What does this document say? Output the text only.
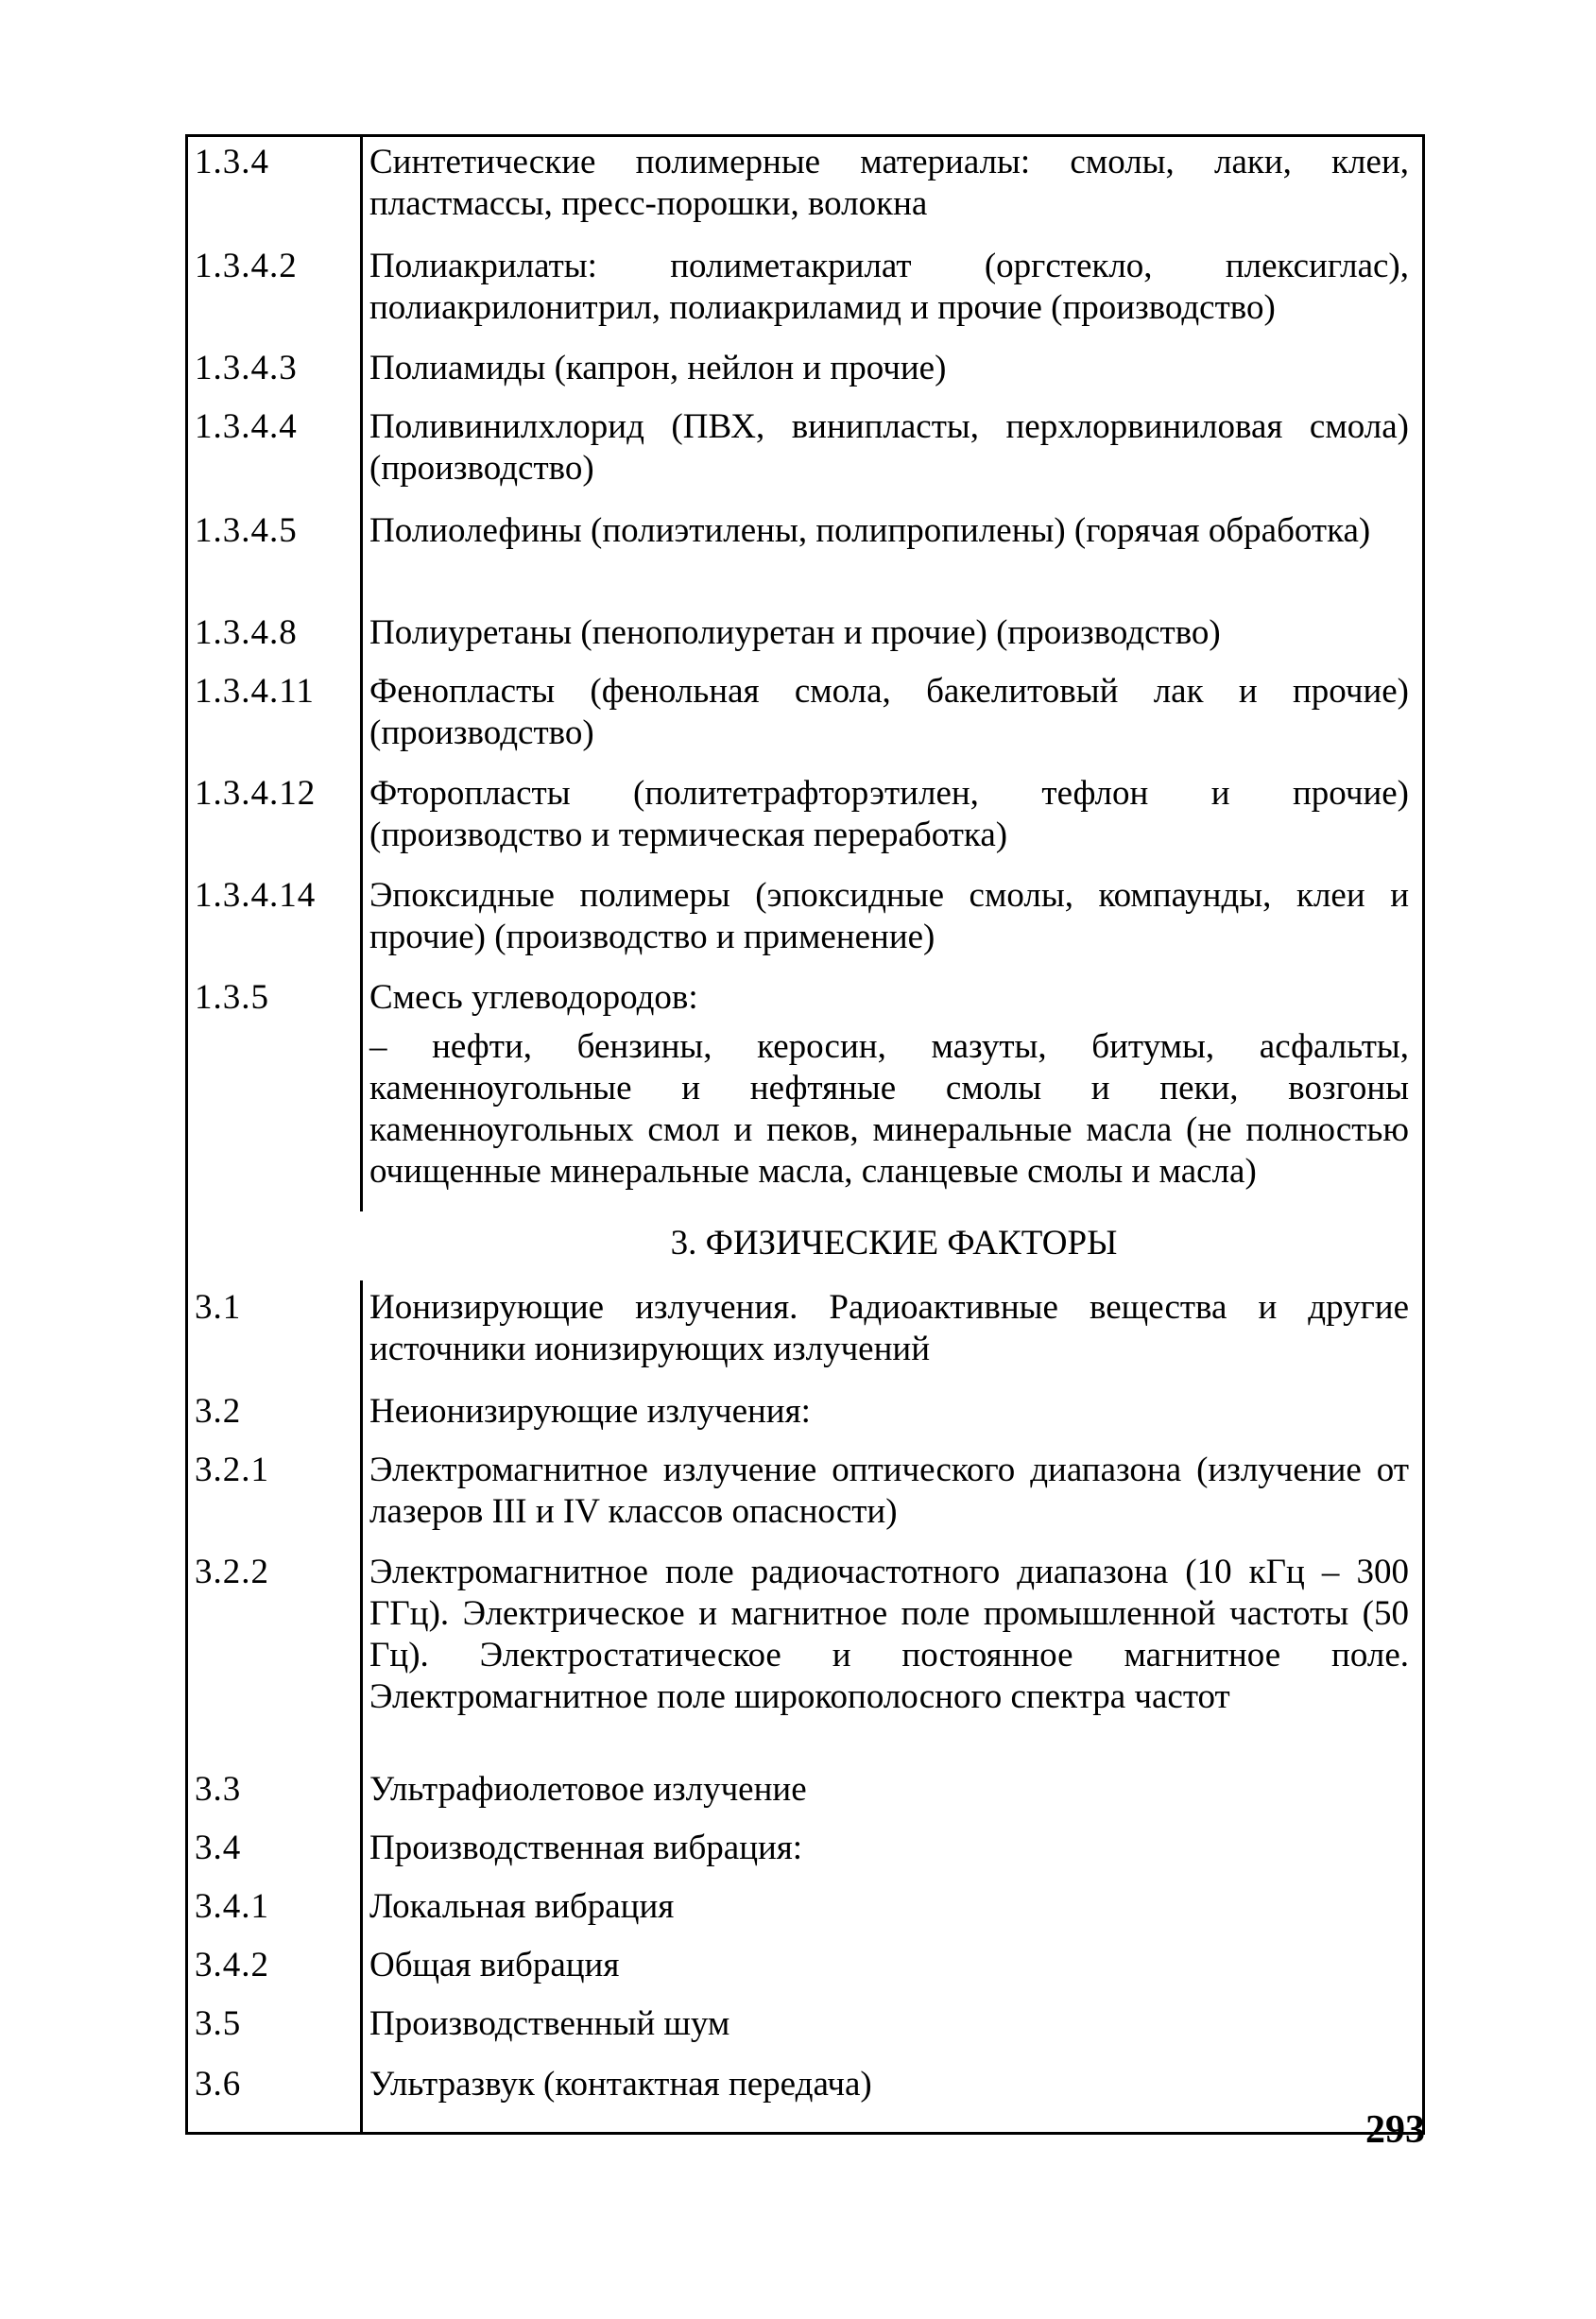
1.3.4	Синтетические полимерные материалы: смолы, лаки, клеи, пластмассы, пресс-порошки, волокна
1.3.4.2 Полиакрилаты: полиметакрилат (оргстекло, плексиглас), полиакрилонитрил, полиакриламид и прочие (производство)
1.3.4.3 Полиамиды (капрон, нейлон и прочие)
1.3.4.4 Поливинилхлорид (ПВХ, винипласты, перхлорвиниловая смола) (производство)
1.3.4.5 Полиолефины (полиэтилены, полипропилены) (горячая обработка)
1.3.4.8 Полиуретаны (пенополиуретан и прочие) (производство)
1.3.4.11 Фенопласты (фенольная смола, бакелитовый лак и прочие) (производство)
1.3.4.12 Фторопласты (политетрафторэтилен, тефлон и прочие) (производство и термическая переработка)
1.3.4.14 Эпоксидные полимеры (эпоксидные смолы, компаунды, клеи и прочие) (производство и применение)
1.3.5	Смесь углеводородов:

– нефти, бензины, керосин, мазуты, битумы, асфальты, каменноугольные и нефтяные смолы и пеки, возгоны каменноугольных смол и пеков, минеральные масла (не полностью очищенные минеральные масла, сланцевые смолы и масла)

3. ФИЗИЧЕСКИЕ ФАКТОРЫ
3.1	Ионизирующие излучения. Радиоактивные вещества и другие источники ионизирующих излучений
3.2	Неионизирующие излучения:
3.2.1	Электромагнитное излучение оптического диапазона (излучение от лазеров III и IV классов опасности)
3.2.2	Электромагнитное поле радиочастотного диапазона (10 кГц – 300 ГГц). Электрическое и магнитное поле промышленной частоты (50 Гц). Электростатическое и постоянное магнитное поле. Электромагнитное поле широкополосного спектра частот
3.3	Ультрафиолетовое излучение
3.4	Производственная вибрация:
3.4.1	Локальная вибрация
3.4.2	Общая вибрация
3.5	Производственный шум
3.6	Ультразвук (контактная передача)
293
